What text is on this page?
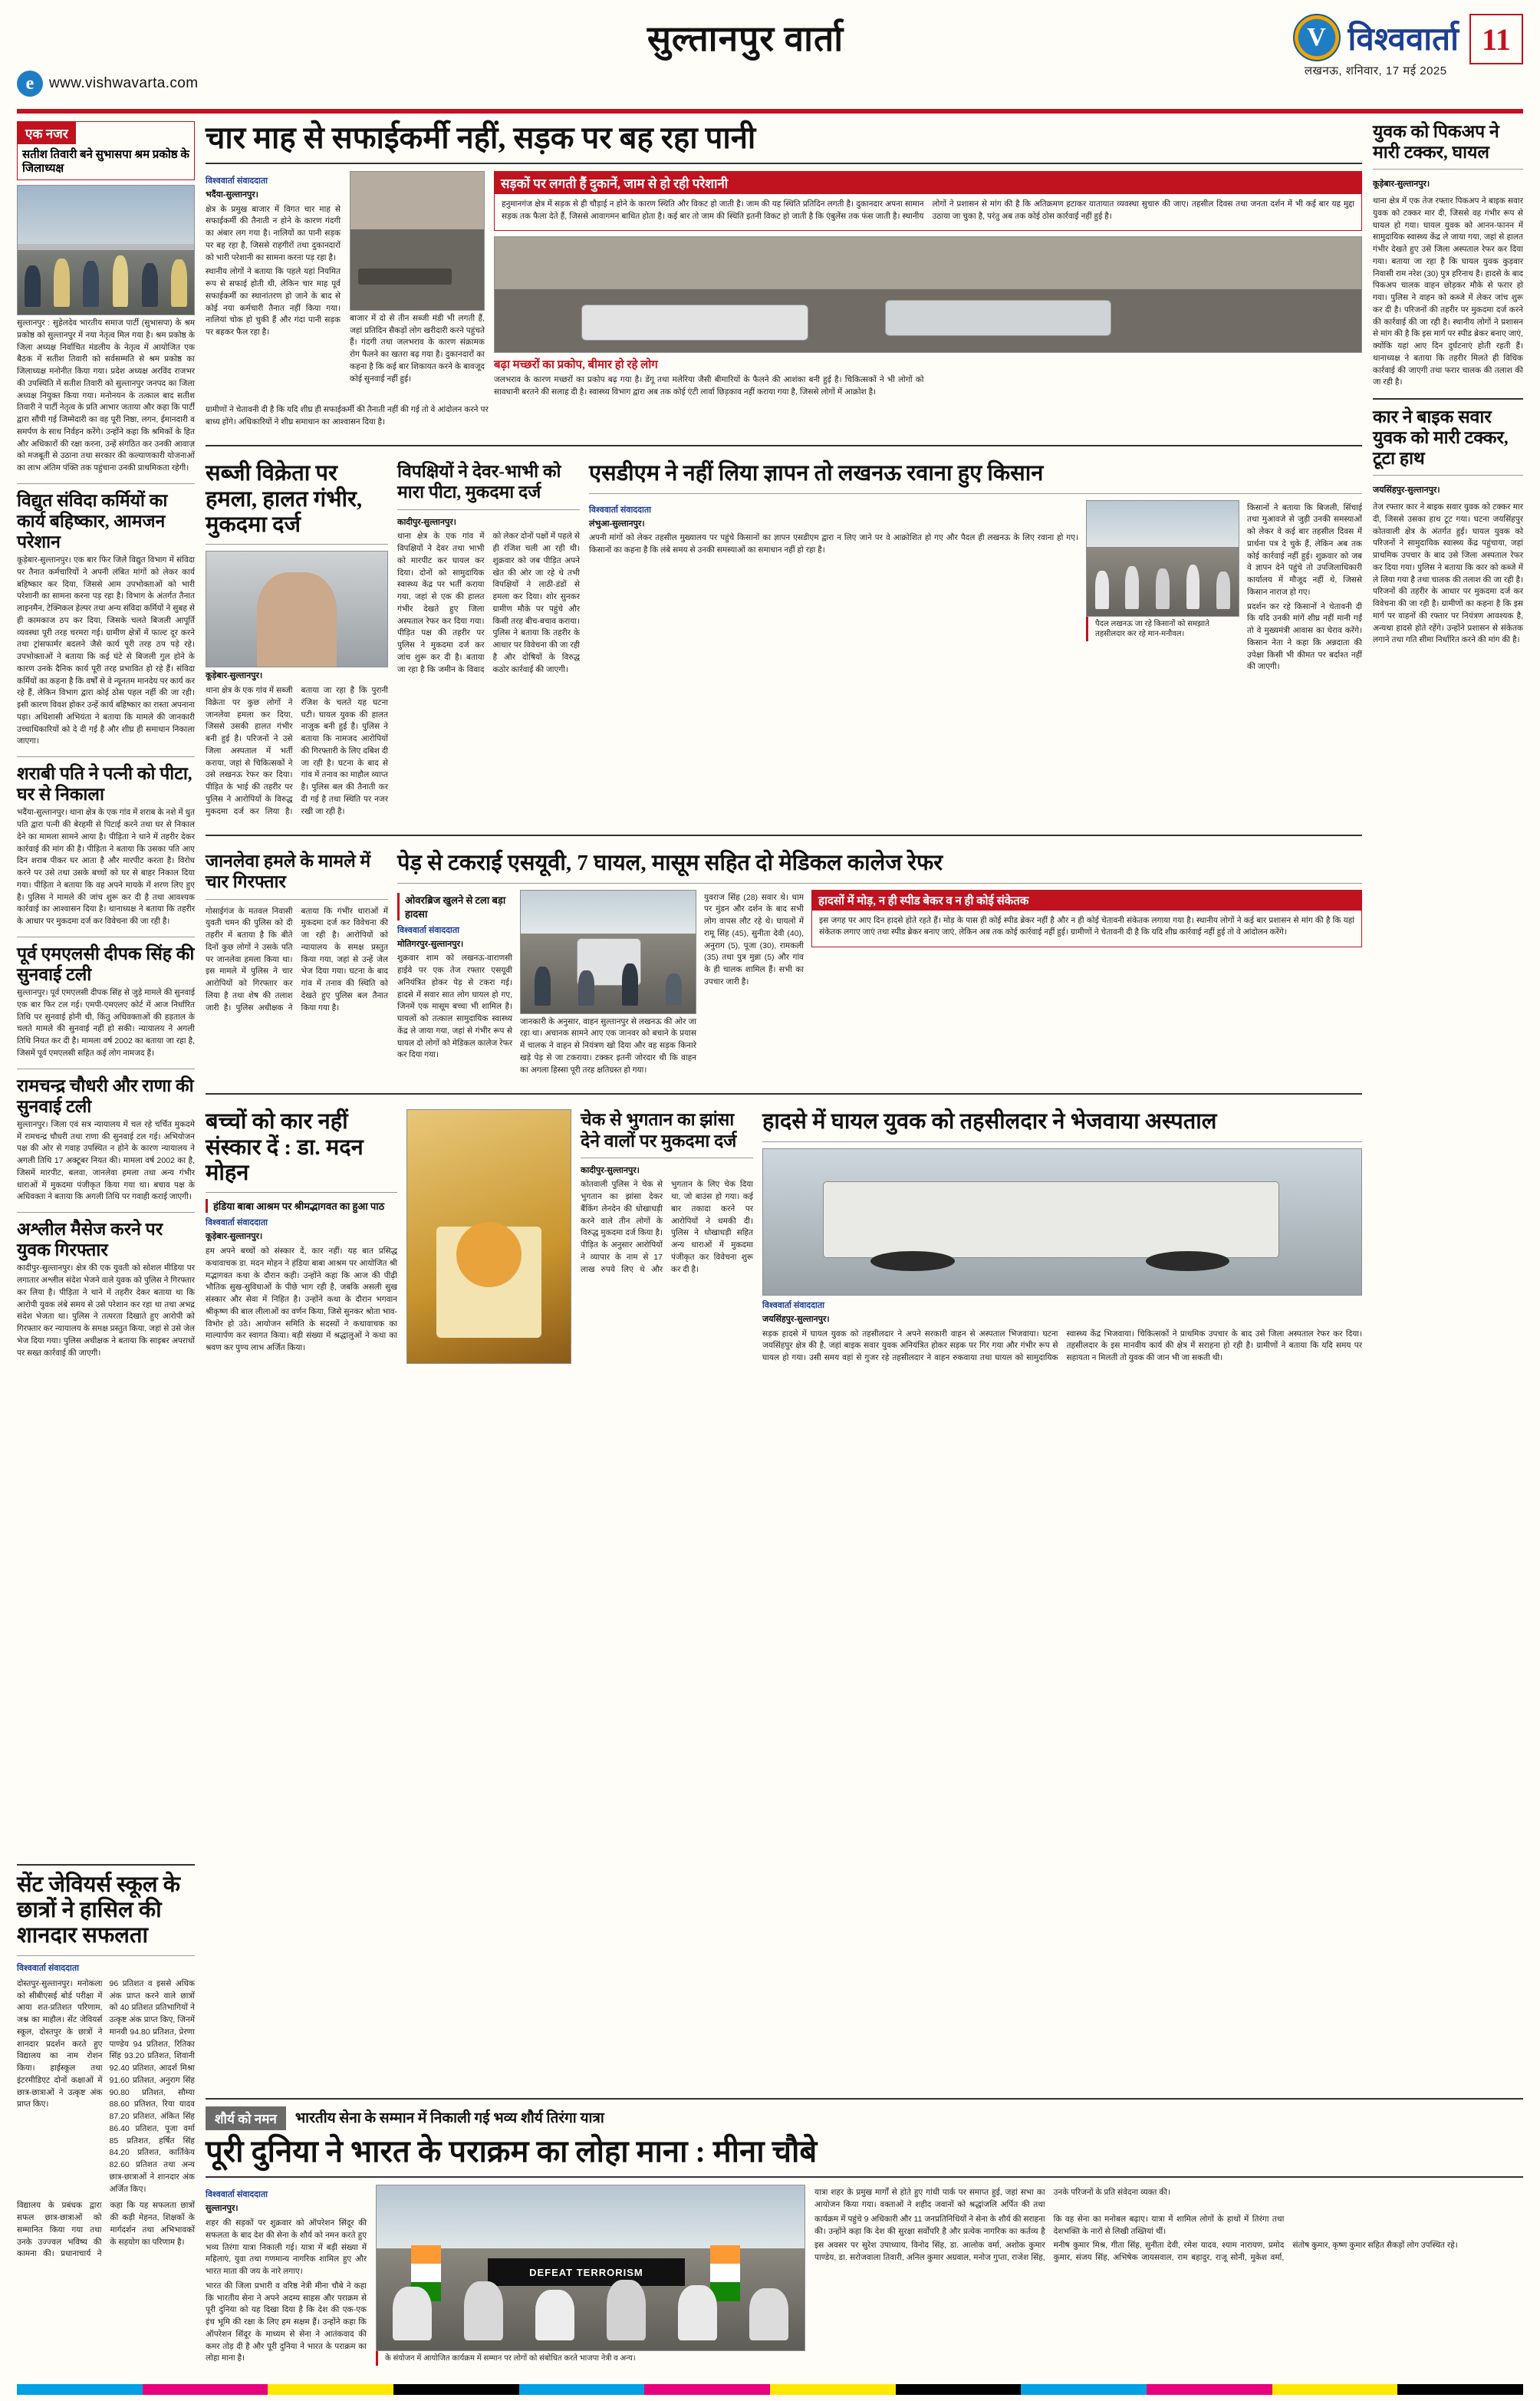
e	www.vishwavarta.com
सुल्तानपुर वार्ता	V विश्ववार्ता
लखनऊ, शनिवार, 17 मई 2025
11
एक नजर
सतीश तिवारी बने सुभासपा श्रम प्रकोष्ठ के जिलाध्यक्ष

सुल्तानपुर : सुहेलदेव भारतीय समाज पार्टी (सुभासपा) के श्रम प्रकोष्ठ को सुल्तानपुर में नया नेतृत्व मिल गया है। श्रम प्रकोष्ठ के जिला अध्यक्ष निर्वाचित मंडलीय के नेतृत्व में आयोजित एक बैठक में सतीश तिवारी को सर्वसम्मति से श्रम प्रकोष्ठ का जिलाध्यक्ष मनोनीत किया गया। प्रदेश अध्यक्ष अरविंद राजभर की उपस्थिति में सतीश तिवारी को सुल्तानपुर जनपद का जिला अध्यक्ष नियुक्त किया गया। मनोनयन के तत्काल बाद सतीश तिवारी ने पार्टी नेतृत्व के प्रति आभार जताया और कहा कि पार्टी द्वारा सौंपी गई जिम्मेदारी का वह पूरी निष्ठा, लगन, ईमानदारी व समर्पण के साथ निर्वहन करेंगे। उन्होंने कहा कि श्रमिकों के हित और अधिकारों की रक्षा करना, उन्हें संगठित कर उनकी आवाज़ को मजबूती से उठाना तथा सरकार की कल्याणकारी योजनाओं का लाभ अंतिम पंक्ति तक पहुंचाना उनकी प्राथमिकता रहेगी।

विद्युत संविदा कर्मियों का कार्य बहिष्कार, आमजन परेशान

कूड़ेबार-सुल्तानपुर। एक बार फिर जिलेे विद्युत विभाग में संविदा पर तैनात कर्मचारियों ने अपनी लंबित मांगों को लेकर कार्य बहिष्कार कर दिया, जिससे आम उपभोक्ताओं को भारी परेशानी का सामना करना पड़ रहा है। विभाग के अंतर्गत तैनात लाइनमैन, टेक्निकल हेल्पर तथा अन्य संविदा कर्मियों ने सुबह से ही कामकाज ठप कर दिया, जिसके चलते बिजली आपूर्ति व्यवस्था पूरी तरह चरमरा गई। ग्रामीण क्षेत्रों में फाल्ट दूर करने तथा ट्रांसफार्मर बदलने जैसे कार्य पूरी तरह ठप पड़े रहे। उपभोक्ताओं ने बताया कि कई घंटे से बिजली गुल होने के कारण उनके दैनिक कार्य पूरी तरह प्रभावित हो रहे हैं। संविदा कर्मियों का कहना है कि वर्षों से वे न्यूनतम मानदेय पर कार्य कर रहे हैं, लेकिन विभाग द्वारा कोई ठोस पहल नहीं की जा रही। इसी कारण विवश होकर उन्हें कार्य बहिष्कार का रास्ता अपनाना पड़ा। अधिशासी अभियंता ने बताया कि मामले की जानकारी उच्चाधिकारियों को दे दी गई है और शीघ्र ही समाधान निकाला जाएगा।

शराबी पति ने पत्नी को पीटा, घर से निकाला

भदैंया-सुल्तानपुर। थाना क्षेत्र के एक गांव में शराब के नशे में धुत पति द्वारा पत्नी की बेरहमी से पिटाई करने तथा घर से निकाल देने का मामला सामने आया है। पीड़िता ने थाने में तहरीर देकर कार्रवाई की मांग की है। पीड़िता ने बताया कि उसका पति आए दिन शराब पीकर घर आता है और मारपीट करता है। विरोध करने पर उसे तथा उसके बच्चों को घर से बाहर निकाल दिया गया। पीड़िता ने बताया कि वह अपने मायके में शरण लिए हुए है। पुलिस ने मामले की जांच शुरू कर दी है तथा आवश्यक कार्रवाई का आश्वासन दिया है। थानाध्यक्ष ने बताया कि तहरीर के आधार पर मुकदमा दर्ज कर विवेचना की जा रही है।

पूर्व एमएलसी दीपक सिंह की सुनवाई टली

सुल्तानपुर। पूर्व एमएलसी दीपक सिंह से जुड़े मामले की सुनवाई एक बार फिर टल गई। एमपी-एमएलए कोर्ट में आज निर्धारित तिथि पर सुनवाई होनी थी, किंतु अधिवक्ताओं की हड़ताल के चलते मामले की सुनवाई नहीं हो सकी। न्यायालय ने अगली तिथि नियत कर दी है। मामला वर्ष 2002 का बताया जा रहा है, जिसमें पूर्व एमएलसी सहित कई लोग नामजद हैं।

रामचन्द्र चौधरी और राणा की सुनवाई टली

सुल्तानपुर। जिला एवं सत्र न्यायालय में चल रहे चर्चित मुकदमे में रामचन्द्र चौधरी तथा राणा की सुनवाई टल गई। अभियोजन पक्ष की ओर से गवाह उपस्थित न होने के कारण न्यायालय ने अगली तिथि 17 अक्टूबर नियत की। मामला वर्ष 2002 का है, जिसमें मारपीट, बलवा, जानलेवा हमला तथा अन्य गंभीर धाराओं में मुकदमा पंजीकृत किया गया था। बचाव पक्ष के अधिवक्ता ने बताया कि अगली तिथि पर गवाही कराई जाएगी।

अश्लील मैसेज करने पर युवक गिरफ्तार

कादीपुर-सुल्तानपुर। क्षेत्र की एक युवती को सोशल मीडिया पर लगातार अश्लील संदेश भेजने वाले युवक को पुलिस ने गिरफ्तार कर लिया है। पीड़िता ने थाने में तहरीर देकर बताया था कि आरोपी युवक लंबे समय से उसे परेशान कर रहा था तथा अभद्र संदेश भेजता था। पुलिस ने तत्परता दिखाते हुए आरोपी को गिरफ्तार कर न्यायालय के समक्ष प्रस्तुत किया, जहां से उसे जेल भेज दिया गया। पुलिस अधीक्षक ने बताया कि साइबर अपराधों पर सख्त कार्रवाई की जाएगी।

चार माह से सफाईकर्मी नहीं, सड़क पर बह रहा पानी
विश्ववार्ता संवाददाता

भदैंया-सुल्तानपुर।

क्षेत्र के प्रमुख बाजार में विगत चार माह से सफाईकर्मी की तैनाती न होने के कारण गंदगी का अंबार लग गया है। नालियों का पानी सड़क पर बह रहा है, जिससे राहगीरों तथा दुकानदारों को भारी परेशानी का सामना करना पड़ रहा है।

स्थानीय लोगों ने बताया कि पहले यहां नियमित रूप से सफाई होती थी, लेकिन चार माह पूर्व सफाईकर्मी का स्थानांतरण हो जाने के बाद से कोई नया कर्मचारी तैनात नहीं किया गया। नालियां चोक हो चुकी हैं और गंदा पानी सड़क पर बहकर फैल रहा है।

बाजार में दो से तीन सब्जी मंडी भी लगती हैं, जहां प्रतिदिन सैकड़ों लोग खरीदारी करने पहुंचते हैं। गंदगी तथा जलभराव के कारण संक्रामक रोग फैलने का खतरा बढ़ गया है। दुकानदारों का कहना है कि कई बार शिकायत करने के बावजूद कोई सुनवाई नहीं हुई।

सड़कों पर लगती हैं दुकानें, जाम से हो रही परेशानी

हनुमानगंज क्षेत्र में सड़क से ही चौड़ाई न होने के कारण स्थिति और विकट हो जाती है। जाम की यह स्थिति प्रतिदिन लगती है। दुकानदार अपना सामान सड़क तक फैला देते हैं, जिससे आवागमन बाधित होता है। कई बार तो जाम की स्थिति इतनी विकट हो जाती है कि एंबुलेंस तक फंस जाती है। स्थानीय लोगों ने प्रशासन से मांग की है कि अतिक्रमण हटाकर यातायात व्यवस्था सुचारु की जाए। तहसील दिवस तथा जनता दर्शन में भी कई बार यह मुद्दा उठाया जा चुका है, परंतु अब तक कोई ठोस कार्रवाई नहीं हुई है।

बढ़ा मच्छरों का प्रकोप, बीमार हो रहे लोग

जलभराव के कारण मच्छरों का प्रकोप बढ़ गया है। डेंगू तथा मलेरिया जैसी बीमारियों के फैलने की आशंका बनी हुई है। चिकित्सकों ने भी लोगों को सावधानी बरतने की सलाह दी है। स्वास्थ्य विभाग द्वारा अब तक कोई एंटी लार्वा छिड़काव नहीं कराया गया है, जिससे लोगों में आक्रोश है।

ग्रामीणों ने चेतावनी दी है कि यदि शीघ्र ही सफाईकर्मी की तैनाती नहीं की गई तो वे आंदोलन करने पर बाध्य होंगे। अधिकारियों ने शीघ्र समाधान का आश्वासन दिया है।

सब्जी विक्रेता पर हमला, हालत गंभीर, मुकदमा दर्ज

कूड़ेबार-सुल्तानपुर।

थाना क्षेत्र के एक गांव में सब्जी विक्रेता पर कुछ लोगों ने जानलेवा हमला कर दिया, जिससे उसकी हालत गंभीर बनी हुई है। परिजनों ने उसे जिला अस्पताल में भर्ती कराया, जहां से चिकित्सकों ने उसे लखनऊ रेफर कर दिया। पीड़ित के भाई की तहरीर पर पुलिस ने आरोपियों के विरुद्ध मुकदमा दर्ज कर लिया है। बताया जा रहा है कि पुरानी रंजिश के चलते यह घटना घटी। घायल युवक की हालत नाजुक बनी हुई है। पुलिस ने बताया कि नामजद आरोपियों की गिरफ्तारी के लिए दबिश दी जा रही है। घटना के बाद से गांव में तनाव का माहौल व्याप्त है। पुलिस बल की तैनाती कर दी गई है तथा स्थिति पर नजर रखी जा रही है।

विपक्षियों ने देवर-भाभी को मारा पीटा, मुकदमा दर्ज

कादीपुर-सुल्तानपुर।

थाना क्षेत्र के एक गांव में विपक्षियों ने देवर तथा भाभी को मारपीट कर घायल कर दिया। दोनों को सामुदायिक स्वास्थ्य केंद्र पर भर्ती कराया गया, जहां से एक की हालत गंभीर देखते हुए जिला अस्पताल रेफर कर दिया गया। पीड़ित पक्ष की तहरीर पर पुलिस ने मुकदमा दर्ज कर जांच शुरू कर दी है। बताया जा रहा है कि जमीन के विवाद को लेकर दोनों पक्षों में पहले से ही रंजिश चली आ रही थी। शुक्रवार को जब पीड़ित अपने खेत की ओर जा रहे थे तभी विपक्षियों ने लाठी-डंडों से हमला कर दिया। शोर सुनकर ग्रामीण मौके पर पहुंचे और किसी तरह बीच-बचाव कराया। पुलिस ने बताया कि तहरीर के आधार पर विवेचना की जा रही है और दोषियों के विरुद्ध कठोर कार्रवाई की जाएगी।

एसडीएम ने नहीं लिया ज्ञापन तो लखनऊ रवाना हुए किसान
विश्ववार्ता संवाददाता

लंभुआ-सुल्तानपुर।

अपनी मांगों को लेकर तहसील मुख्यालय पर पहुंचे किसानों का ज्ञापन एसडीएम द्वारा न लिए जाने पर वे आक्रोशित हो गए और पैदल ही लखनऊ के लिए रवाना हो गए। किसानों का कहना है कि लंबे समय से उनकी समस्याओं का समाधान नहीं हो रहा है।

पैदल लखनऊ जा रहे किसानों को समझाते तहसीलदार कर रहे मान-मनौवल।

किसानों ने बताया कि बिजली, सिंचाई तथा मुआवजे से जुड़ी उनकी समस्याओं को लेकर वे कई बार तहसील दिवस में प्रार्थना पत्र दे चुके हैं, लेकिन अब तक कोई कार्रवाई नहीं हुई। शुक्रवार को जब वे ज्ञापन देने पहुंचे तो उपजिलाधिकारी कार्यालय में मौजूद नहीं थे, जिससे किसान नाराज हो गए।

प्रदर्शन कर रहे किसानों ने चेतावनी दी कि यदि उनकी मांगें शीघ्र नहीं मानी गईं तो वे मुख्यमंत्री आवास का घेराव करेंगे। किसान नेता ने कहा कि अन्नदाता की उपेक्षा किसी भी कीमत पर बर्दाश्त नहीं की जाएगी।

जानलेवा हमले के मामले में चार गिरफ्तार

गोसाईगंज के मतवल निवासी युवती चमन की पुलिस को दी तहरीर में बताया है कि बीते दिनों कुछ लोगों ने उसके पति पर जानलेवा हमला किया था। इस मामले में पुलिस ने चार आरोपियों को गिरफ्तार कर लिया है तथा शेष की तलाश जारी है। पुलिस अधीक्षक ने बताया कि गंभीर धाराओं में मुकदमा दर्ज कर विवेचना की जा रही है। आरोपियों को न्यायालय के समक्ष प्रस्तुत किया गया, जहां से उन्हें जेल भेज दिया गया। घटना के बाद गांव में तनाव की स्थिति को देखते हुए पुलिस बल तैनात किया गया है।

पेड़ से टकराई एसयूवी, 7 घायल, मासूम सहित दो मेडिकल कालेज रेफर
ओवरब्रिज खुलने से टला बड़ा हादसा
विश्ववार्ता संवाददाता

मोतिगरपुर-सुल्तानपुर।

शुक्रवार शाम को लखनऊ-वाराणसी हाईवे पर एक तेज रफ्तार एसयूवी अनियंत्रित होकर पेड़ से टकरा गई। हादसे में सवार सात लोग घायल हो गए, जिनमें एक मासूम बच्चा भी शामिल है। घायलों को तत्काल सामुदायिक स्वास्थ्य केंद्र ले जाया गया, जहां से गंभीर रूप से घायल दो लोगों को मेडिकल कालेज रेफर कर दिया गया।

जानकारी के अनुसार, वाहन सुल्तानपुर से लखनऊ की ओर जा रहा था। अचानक सामने आए एक जानवर को बचाने के प्रयास में चालक ने वाहन से नियंत्रण खो दिया और वह सड़क किनारे खड़े पेड़ से जा टकराया। टक्कर इतनी जोरदार थी कि वाहन का अगला हिस्सा पूरी तरह क्षतिग्रस्त हो गया।

युवराज सिंह (28) सवार थे। धाम पर मुंडन और दर्शन के बाद सभी लोग वापस लौट रहे थे। घायलों में रामू सिंह (45), सुनीता देवी (40), अनुराग (5), पूजा (30), रामकली (35) तथा पुत्र मुन्ना (5) और गांव के ही चालक शामिल हैं। सभी का उपचार जारी है।

हादसों में मोड़, न ही स्पीड बेकर व न ही कोई संकेतक

इस जगह पर आए दिन हादसे होते रहते हैं। मोड़ के पास ही कोई स्पीड ब्रेकर नहीं है और न ही कोई चेतावनी संकेतक लगाया गया है। स्थानीय लोगों ने कई बार प्रशासन से मांग की है कि यहां संकेतक लगाए जाएं तथा स्पीड ब्रेकर बनाए जाएं, लेकिन अब तक कोई कार्रवाई नहीं हुई। ग्रामीणों ने चेतावनी दी है कि यदि शीघ्र कार्रवाई नहीं हुई तो वे आंदोलन करेंगे।

बच्चों को कार नहीं संस्कार दें : डा. मदन मोहन
हंडिया बाबा आश्रम पर श्रीमद्भागवत का हुआ पाठ
विश्ववार्ता संवाददाता

कूड़ेबार-सुल्तानपुर।

हम अपने बच्चों को संस्कार दें, कार नहीं। यह बात प्रसिद्ध कथावाचक डा. मदन मोहन ने हंडिया बाबा आश्रम पर आयोजित श्री मद्भागवत कथा के दौरान कही। उन्होंने कहा कि आज की पीढ़ी भौतिक सुख-सुविधाओं के पीछे भाग रही है, जबकि असली सुख संस्कार और सेवा में निहित है। उन्होंने कथा के दौरान भगवान श्रीकृष्ण की बाल लीलाओं का वर्णन किया, जिसे सुनकर श्रोता भाव-विभोर हो उठे। आयोजन समिति के सदस्यों ने कथावाचक का माल्यार्पण कर स्वागत किया। बड़ी संख्या में श्रद्धालुओं ने कथा का श्रवण कर पुण्य लाभ अर्जित किया।

चेक से भुगतान का झांसा देने वालों पर मुकदमा दर्ज

कादीपुर-सुल्तानपुर।

कोतवाली पुलिस ने चेक से भुगतान का झांसा देकर बैंकिंग लेनदेन की धोखाधड़ी करने वाले तीन लोगों के विरुद्ध मुकदमा दर्ज किया है। पीड़ित के अनुसार आरोपियों ने व्यापार के नाम से 17 लाख रुपये लिए थे और भुगतान के लिए चेक दिया था, जो बाउंस हो गया। कई बार तकादा करने पर आरोपियों ने धमकी दी। पुलिस ने धोखाधड़ी सहित अन्य धाराओं में मुकदमा पंजीकृत कर विवेचना शुरू कर दी है।

हादसे में घायल युवक को तहसीलदार ने भेजवाया अस्पताल
विश्ववार्ता संवाददाता

जयसिंहपुर-सुल्तानपुर।

सड़क हादसे में घायल युवक को तहसीलदार ने अपने सरकारी वाहन से अस्पताल भिजवाया। घटना जयसिंहपुर क्षेत्र की है, जहां बाइक सवार युवक अनियंत्रित होकर सड़क पर गिर गया और गंभीर रूप से घायल हो गया। उसी समय वहां से गुजर रहे तहसीलदार ने वाहन रुकवाया तथा घायल को सामुदायिक स्वास्थ्य केंद्र भिजवाया। चिकित्सकों ने प्राथमिक उपचार के बाद उसे जिला अस्पताल रेफर कर दिया। तहसीलदार के इस मानवीय कार्य की क्षेत्र में सराहना हो रही है। ग्रामीणों ने बताया कि यदि समय पर सहायता न मिलती तो युवक की जान भी जा सकती थी।

युवक को पिकअप ने मारी टक्कर, घायल

कूड़ेबार-सुल्तानपुर।

थाना क्षेत्र में एक तेज रफ्तार पिकअप ने बाइक सवार युवक को टक्कर मार दी, जिससे वह गंभीर रूप से घायल हो गया। घायल युवक को आनन-फानन में सामुदायिक स्वास्थ्य केंद्र ले जाया गया, जहां से हालत गंभीर देखते हुए उसे जिला अस्पताल रेफर कर दिया गया। बताया जा रहा है कि घायल युवक कुड़वार निवासी राम नरेश (30) पुत्र हरिनाथ है। हादसे के बाद पिकअप चालक वाहन छोड़कर मौके से फरार हो गया। पुलिस ने वाहन को कब्जे में लेकर जांच शुरू कर दी है। परिजनों की तहरीर पर मुकदमा दर्ज करने की कार्रवाई की जा रही है। स्थानीय लोगों ने प्रशासन से मांग की है कि इस मार्ग पर स्पीड ब्रेकर बनाए जाएं, क्योंकि यहां आए दिन दुर्घटनाएं होती रहती हैं। थानाध्यक्ष ने बताया कि तहरीर मिलते ही विधिक कार्रवाई की जाएगी तथा फरार चालक की तलाश की जा रही है।

कार ने बाइक सवार युवक को मारी टक्कर, टूटा हाथ

जयसिंहपुर-सुल्तानपुर।

तेज रफ्तार कार ने बाइक सवार युवक को टक्कर मार दी, जिससे उसका हाथ टूट गया। घटना जयसिंहपुर कोतवाली क्षेत्र के अंतर्गत हुई। घायल युवक को परिजनों ने सामुदायिक स्वास्थ्य केंद्र पहुंचाया, जहां प्राथमिक उपचार के बाद उसे जिला अस्पताल रेफर कर दिया गया। पुलिस ने बताया कि कार को कब्जे में ले लिया गया है तथा चालक की तलाश की जा रही है। परिजनों की तहरीर के आधार पर मुकदमा दर्ज कर विवेचना की जा रही है। ग्रामीणों का कहना है कि इस मार्ग पर वाहनों की रफ्तार पर नियंत्रण आवश्यक है, अन्यथा हादसे होते रहेंगे। उन्होंने प्रशासन से संकेतक लगाने तथा गति सीमा निर्धारित करने की मांग की है।

सेंट जेवियर्स स्कूल के छात्रों ने हासिल की शानदार सफलता
विश्ववार्ता संवाददाता

दोस्तपुर-सुल्तानपुर। मनोकला को सीबीएसई बोर्ड परीक्षा में आया शत-प्रतिशत परिणाम, जश्न का माहौल। सेंट जेवियर्स स्कूल, दोस्तपुर के छात्रों ने शानदार प्रदर्शन करते हुए विद्यालय का नाम रोशन किया। हाईस्कूल तथा इंटरमीडिएट दोनों कक्षाओं में छात्र-छात्राओं ने उत्कृष्ट अंक प्राप्त किए।

96 प्रतिशत व इससे अधिक अंक प्राप्त करने वाले छात्रों को 40 प्रतिशत प्रतिभागियों ने उत्कृष्ट अंक प्राप्त किए, जिनमें मानवी 94.80 प्रतिशत, प्रेरणा पाण्डेय 94 प्रतिशत, रितिका सिंह 93.20 प्रतिशत, शिवानी 92.40 प्रतिशत, आदर्श मिश्रा 91.60 प्रतिशत, अनुराग सिंह 90.80 प्रतिशत, सौम्या 88.60 प्रतिशत, रिया यादव 87.20 प्रतिशत, अंकित सिंह 86.40 प्रतिशत, पूजा वर्मा 85 प्रतिशत, हर्षित सिंह 84.20 प्रतिशत, कार्तिकेय 82.60 प्रतिशत तथा अन्य छात्र-छात्राओं ने शानदार अंक अर्जित किए।

विद्यालय के प्रबंधक द्वारा सफल छात्र-छात्राओं को सम्मानित किया गया तथा उनके उज्ज्वल भविष्य की कामना की। प्रधानाचार्य ने कहा कि यह सफलता छात्रों की कड़ी मेहनत, शिक्षकों के मार्गदर्शन तथा अभिभावकों के सहयोग का परिणाम है।

शौर्य को नमन	भारतीय सेना के सम्मान में निकाली गई भव्य शौर्य तिरंगा यात्रा
पूरी दुनिया ने भारत के पराक्रम का लोहा माना : मीना चौबे
विश्ववार्ता संवाददाता

सुल्तानपुर।

शहर की सड़कों पर शुक्रवार को ऑपरेशन सिंदूर की सफलता के बाद देश की सेना के शौर्य को नमन करते हुए भव्य तिरंगा यात्रा निकाली गई। यात्रा में बड़ी संख्या में महिलाएं, युवा तथा गणमान्य नागरिक शामिल हुए और भारत माता की जय के नारे लगाए।

भारत की जिला प्रभारी व वरिष्ठ नेत्री मीना चौबे ने कहा कि भारतीय सेना ने अपने अदम्य साहस और पराक्रम से पूरी दुनिया को यह दिखा दिया है कि देश की एक-एक इंच भूमि की रक्षा के लिए हम सक्षम हैं। उन्होंने कहा कि ऑपरेशन सिंदूर के माध्यम से सेना ने आतंकवाद की कमर तोड़ दी है और पूरी दुनिया ने भारत के पराक्रम का लोहा माना है।

DEFEAT TERRORISM
के संयोजन में आयोजित कार्यक्रम में सम्मान पर लोगों को संबोधित करते भाजपा नेत्री व अन्य।

यात्रा शहर के प्रमुख मार्गों से होते हुए गांधी पार्क पर समाप्त हुई, जहां सभा का आयोजन किया गया। वक्ताओं ने शहीद जवानों को श्रद्धांजलि अर्पित की तथा उनके परिजनों के प्रति संवेदना व्यक्त की।

कार्यक्रम में पहुंचे 9 अधिकारी और 11 जनप्रतिनिधियों ने सेना के शौर्य की सराहना की। उन्होंने कहा कि देश की सुरक्षा सर्वोपरि है और प्रत्येक नागरिक का कर्तव्य है कि वह सेना का मनोबल बढ़ाए। यात्रा में शामिल लोगों के हाथों में तिरंगा तथा देशभक्ति के नारों से लिखी तख्तियां थीं।

इस अवसर पर सुरेश उपाध्याय, विनोद सिंह, डा. आलोक वर्मा, अशोक कुमार पाण्डेय, डा. सरोजवाला तिवारी, अनिल कुमार अग्रवाल, मनोज गुप्ता, राजेश सिंह, मनीष कुमार मिश्र, गीता सिंह, सुनीता देवी, रमेश यादव, श्याम नारायण, प्रमोद कुमार, संजय सिंह, अभिषेक जायसवाल, राम बहादुर, राजू सोनी, मुकेश वर्मा, संतोष कुमार, कृष्ण कुमार सहित सैकड़ों लोग उपस्थित रहे।
